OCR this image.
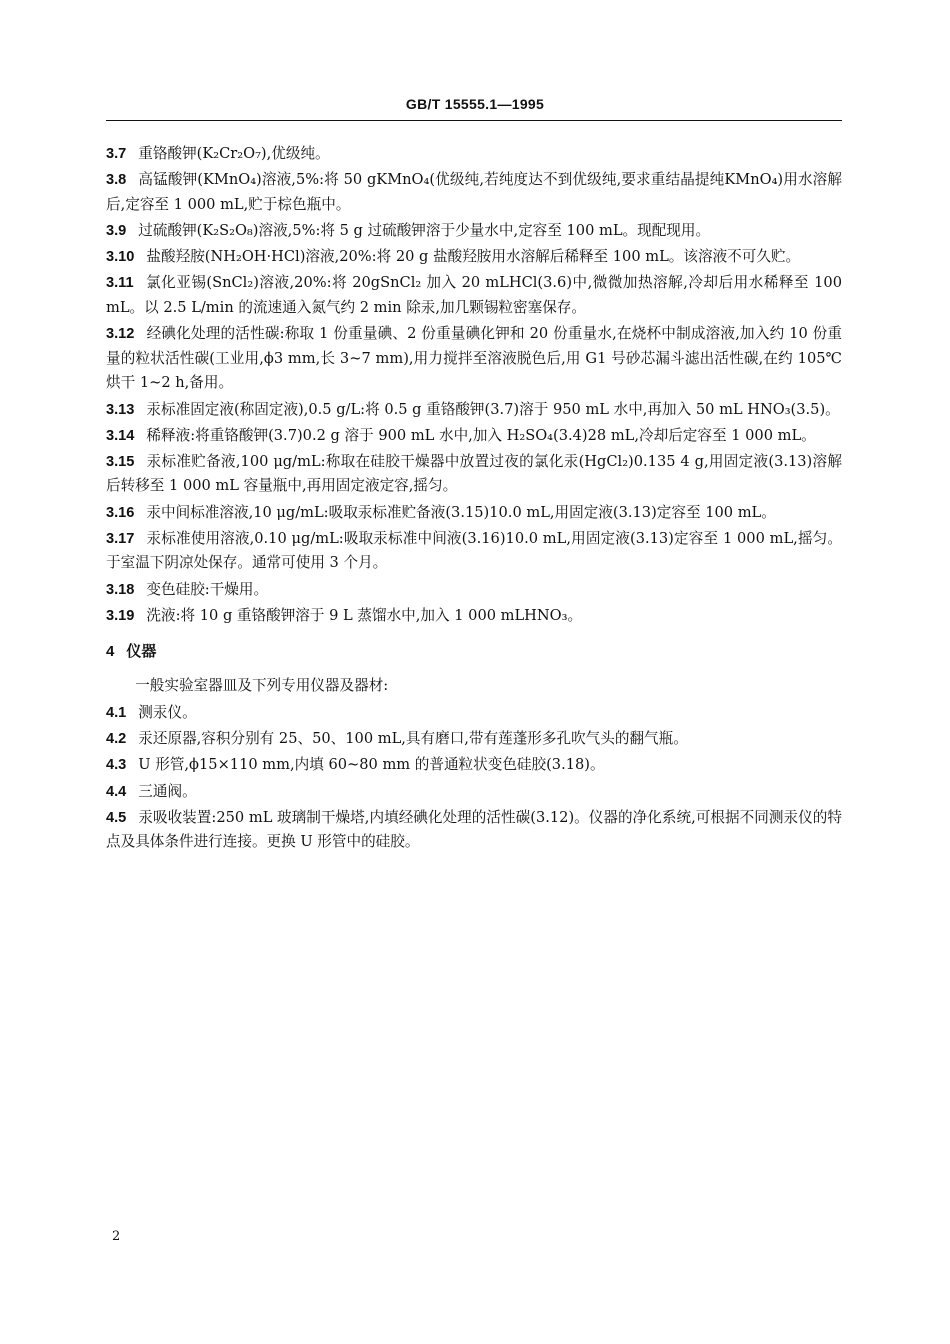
GB/T 15555.1—1995
3.7 重铬酸钾(K₂Cr₂O₇),优级纯。
3.8 高锰酸钾(KMnO₄)溶液,5%:将 50 gKMnO₄(优级纯,若纯度达不到优级纯,要求重结晶提纯KMnO₄)用水溶解后,定容至 1 000 mL,贮于棕色瓶中。
3.9 过硫酸钾(K₂S₂O₈)溶液,5%:将 5 g 过硫酸钾溶于少量水中,定容至 100 mL。现配现用。
3.10 盐酸羟胺(NH₂OH·HCl)溶液,20%:将 20 g 盐酸羟胺用水溶解后稀释至 100 mL。该溶液不可久贮。
3.11 氯化亚锡(SnCl₂)溶液,20%:将 20gSnCl₂ 加入 20 mLHCl(3.6)中,微微加热溶解,冷却后用水稀释至 100 mL。以 2.5 L/min 的流速通入氮气约 2 min 除汞,加几颗锡粒密塞保存。
3.12 经碘化处理的活性碳:称取 1 份重量碘、2 份重量碘化钾和 20 份重量水,在烧杯中制成溶液,加入约 10 份重量的粒状活性碳(工业用,ϕ3 mm,长 3~7 mm),用力搅拌至溶液脱色后,用 G1 号砂芯漏斗滤出活性碳,在约 105℃烘干 1~2 h,备用。
3.13 汞标准固定液(称固定液),0.5 g/L:将 0.5 g 重铬酸钾(3.7)溶于 950 mL 水中,再加入 50 mL HNO₃(3.5)。
3.14 稀释液:将重铬酸钾(3.7)0.2 g 溶于 900 mL 水中,加入 H₂SO₄(3.4)28 mL,冷却后定容至 1 000 mL。
3.15 汞标准贮备液,100 μg/mL:称取在硅胶干燥器中放置过夜的氯化汞(HgCl₂)0.135 4 g,用固定液(3.13)溶解后转移至 1 000 mL 容量瓶中,再用固定液定容,摇匀。
3.16 汞中间标准溶液,10 μg/mL:吸取汞标准贮备液(3.15)10.0 mL,用固定液(3.13)定容至 100 mL。
3.17 汞标准使用溶液,0.10 μg/mL:吸取汞标准中间液(3.16)10.0 mL,用固定液(3.13)定容至 1 000 mL,摇匀。于室温下阴凉处保存。通常可使用 3 个月。
3.18 变色硅胶:干燥用。
3.19 洗液:将 10 g 重铬酸钾溶于 9 L 蒸馏水中,加入 1 000 mLHNO₃。
4 仪器
一般实验室器皿及下列专用仪器及器材:
4.1 测汞仪。
4.2 汞还原器,容积分别有 25、50、100 mL,具有磨口,带有莲蓬形多孔吹气头的翻气瓶。
4.3 U 形管,ϕ15×110 mm,内填 60~80 mm 的普通粒状变色硅胶(3.18)。
4.4 三通阀。
4.5 汞吸收装置:250 mL 玻璃制干燥塔,内填经碘化处理的活性碳(3.12)。仪器的净化系统,可根据不同测汞仪的特点及具体条件进行连接。更换 U 形管中的硅胶。
2
